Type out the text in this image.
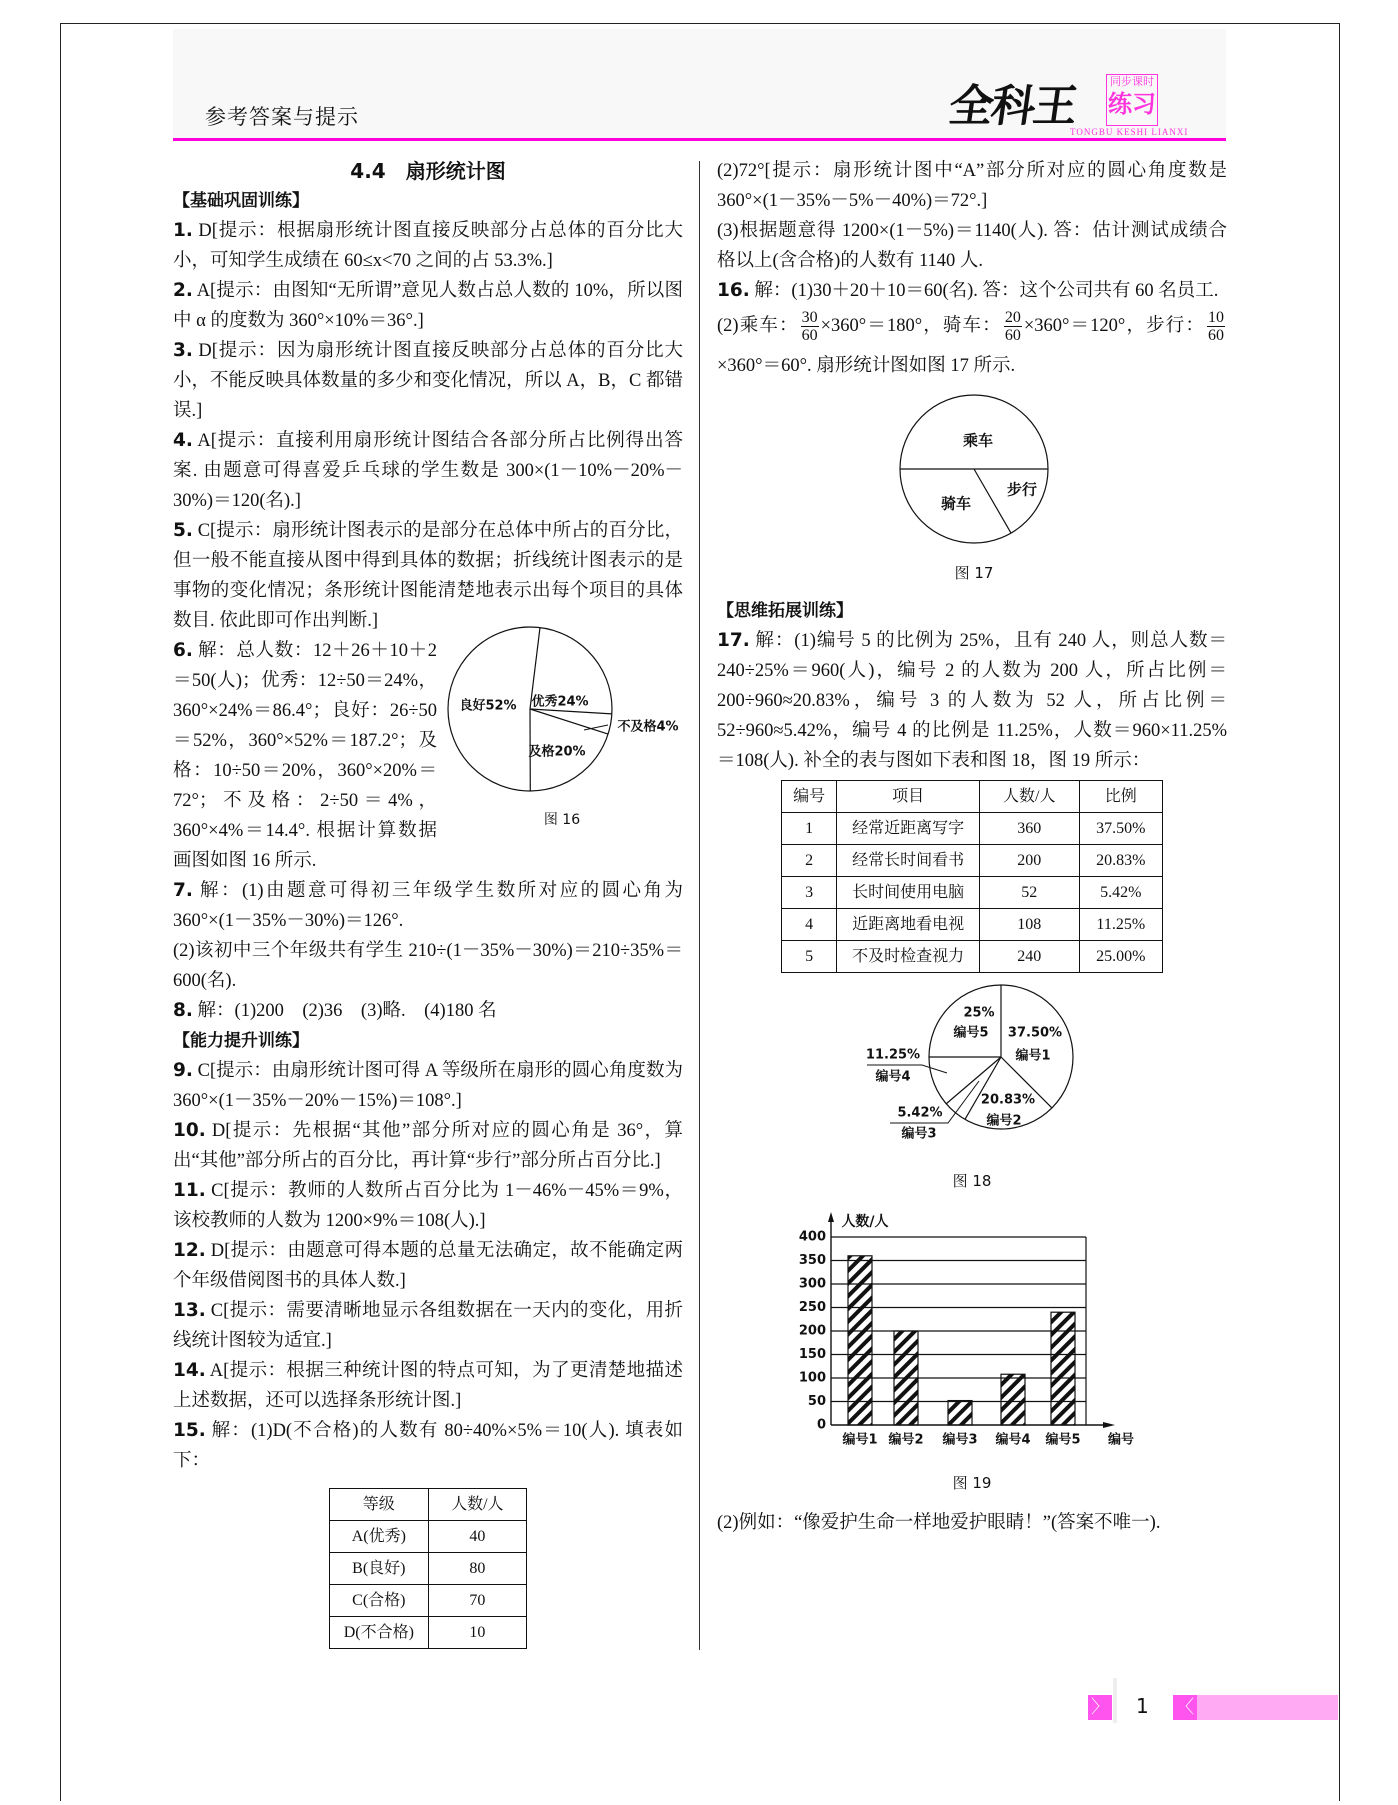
参考答案与提示	全科王	同步课时
练习
TONGBU KESHI LIANXI

4.4　扇形统计图

【基础巩固训练】

1. D[提示：根据扇形统计图直接反映部分占总体的百分比大小，可知学生成绩在 60≤x<70 之间的占 53.3%.]

2. A[提示：由图知“无所谓”意见人数占总人数的 10%，所以图中 α 的度数为 360°×10%＝36°.]

3. D[提示：因为扇形统计图直接反映部分占总体的百分比大小，不能反映具体数量的多少和变化情况，所以 A，B，C 都错误.]

4. A[提示：直接利用扇形统计图结合各部分所占比例得出答案. 由题意可得喜爱乒乓球的学生数是 300×(1－10%－20%－30%)＝120(名).]

5. C[提示：扇形统计图表示的是部分在总体中所占的百分比，但一般不能直接从图中得到具体的数据；折线统计图表示的是事物的变化情况；条形统计图能清楚地表示出每个项目的具体数目. 依此即可作出判断.]

优秀24%
不及格4%
及格20%
良好52%
图 16

6. 解：总人数：12＋26＋10＋2＝50(人)；优秀：12÷50＝24%，360°×24%＝86.4°；良好：26÷50＝52%，360°×52%＝187.2°；及格：10÷50＝20%，360°×20%＝72°；不及格：2÷50＝4%，360°×4%＝14.4°. 根据计算数据画图如图 16 所示.

7. 解：(1)由题意可得初三年级学生数所对应的圆心角为 360°×(1－35%－30%)＝126°.

(2)该初中三个年级共有学生 210÷(1－35%－30%)＝210÷35%＝600(名).

8. 解：(1)200　(2)36　(3)略.　(4)180 名

【能力提升训练】

9. C[提示：由扇形统计图可得 A 等级所在扇形的圆心角度数为 360°×(1－35%－20%－15%)＝108°.]

10. D[提示：先根据“其他”部分所对应的圆心角是 36°，算出“其他”部分所占的百分比，再计算“步行”部分所占百分比.]

11. C[提示：教师的人数所占百分比为 1－46%－45%＝9%，该校教师的人数为 1200×9%＝108(人).]

12. D[提示：由题意可得本题的总量无法确定，故不能确定两个年级借阅图书的具体人数.]

13. C[提示：需要清晰地显示各组数据在一天内的变化，用折线统计图较为适宜.]

14. A[提示：根据三种统计图的特点可知，为了更清楚地描述上述数据，还可以选择条形统计图.]

15. 解：(1)D(不合格)的人数有 80÷40%×5%＝10(人). 填表如下：

等级	人数/人
A(优秀)	40
B(良好)	80
C(合格)	70
D(不合格)	10

(2)72°[提示：扇形统计图中“A”部分所对应的圆心角度数是 360°×(1－35%－5%－40%)＝72°.]

(3)根据题意得 1200×(1－5%)＝1140(人). 答：估计测试成绩合格以上(含合格)的人数有 1140 人.

16. 解：(1)30＋20＋10＝60(名). 答：这个公司共有 60 名员工.

(2)乘车： $\frac{30}{60} \times 360^\circ=180^\circ$，骑车： $\frac{20}{60} \times 360^\circ=120^\circ$，步行： $\frac{10}{60}$
×360°＝60°. 扇形统计图如图 17 所示.

乘车
步行
骑车
图 17

【思维拓展训练】

17. 解：(1)编号 5 的比例为 25%，且有 240 人，则总人数＝240÷25%＝960(人)，编号 2 的人数为 200 人，所占比例＝200÷960≈20.83%，编号 3 的人数为 52 人，所占比例＝52÷960≈5.42%，编号 4 的比例是 11.25%，人数＝960×11.25%＝108(人). 补全的表与图如下表和图 18，图 19 所示：

编号	项目	人数/人	比例
1	经常近距离写字	360	37.50%
2	经常长时间看书	200	20.83%
3	长时间使用电脑	52	5.42%
4	近距离地看电视	108	11.25%
5	不及时检查视力	240	25.00%
37.50%
编号1
20.83%
编号2
5.42%
编号3
11.25%
编号4
25%
编号5
图 18

0
50
100
150
200
250
300
350
400
人数/人
编号1 编号2 编号3 编号4 编号5 编号
图 19

(2)例如：“像爱护生命一样地爱护眼睛！”(答案不唯一).

〉 1 〈
